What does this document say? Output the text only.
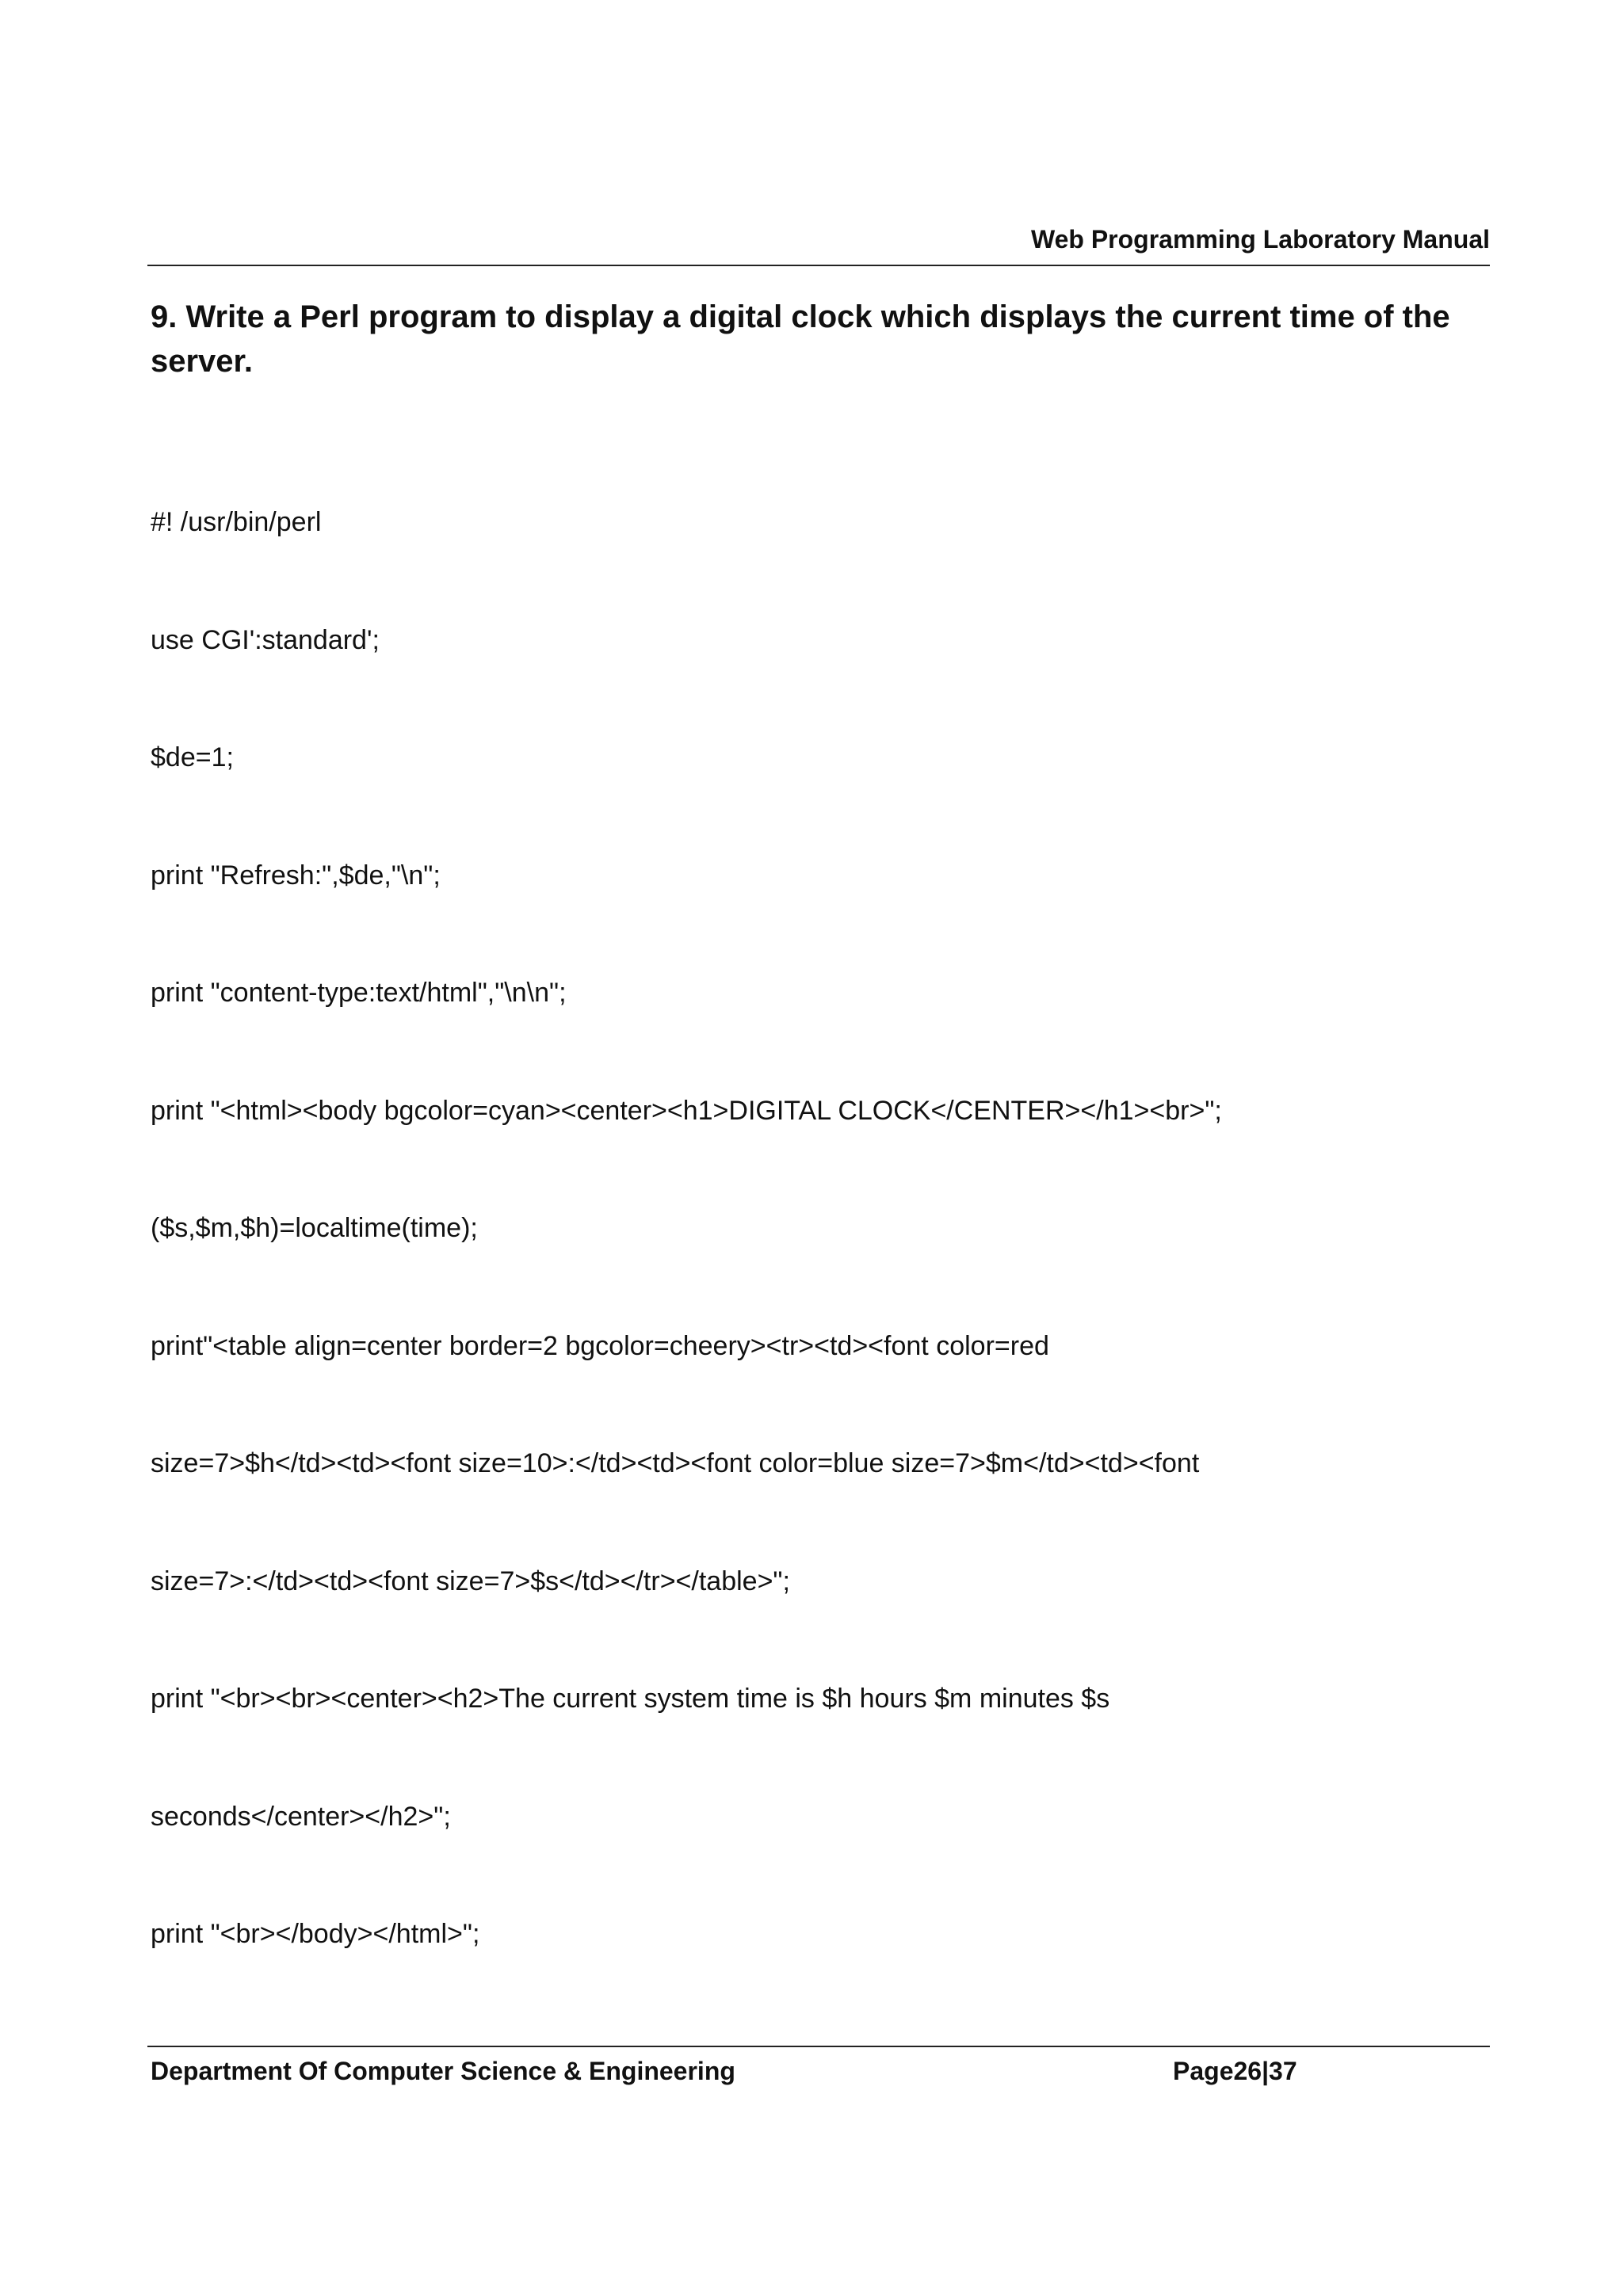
Web Programming Laboratory Manual
9. Write a Perl program to display a digital clock which displays the current time of the server.

#! /usr/bin/perl

use CGI':standard';

$de=1;

print "Refresh:",$de,"\n";

print "content-type:text/html","\n\n";

print "<html><body bgcolor=cyan><center><h1>DIGITAL CLOCK</CENTER></h1><br>";

($s,$m,$h)=localtime(time);

print"<table align=center border=2 bgcolor=cheery><tr><td><font color=red

size=7>$h</td><td><font size=10>:</td><td><font color=blue size=7>$m</td><td><font

size=7>:</td><td><font size=7>$s</td></tr></table>";

print "<br><br><center><h2>The current system time is $h hours $m minutes $s

seconds</center></h2>";

print "<br></body></html>";

Department Of Computer Science & Engineering	Page26|37
